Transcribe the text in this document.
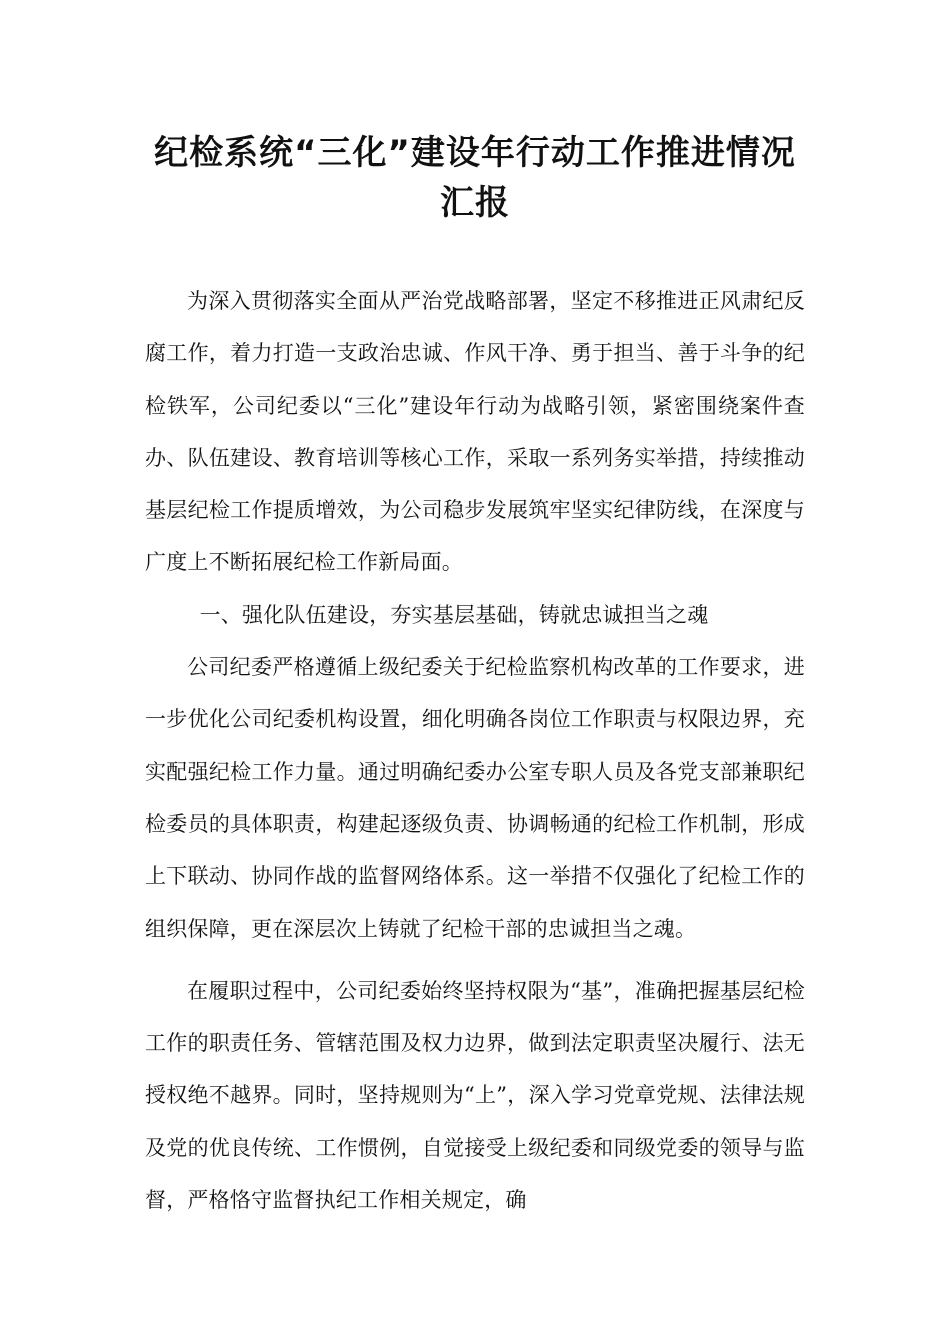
纪检系统“三化”建设年行动工作推进情况汇报

为深入贯彻落实全面从严治党战略部署，坚定不移推进正风肃纪反腐工作，着力打造一支政治忠诚、作风干净、勇于担当、善于斗争的纪检铁军，公司纪委以“三化”建设年行动为战略引领，紧密围绕案件查办、队伍建设、教育培训等核心工作，采取一系列务实举措，持续推动基层纪检工作提质增效，为公司稳步发展筑牢坚实纪律防线，在深度与广度上不断拓展纪检工作新局面。

一、强化队伍建设，夯实基层基础，铸就忠诚担当之魂

公司纪委严格遵循上级纪委关于纪检监察机构改革的工作要求，进一步优化公司纪委机构设置，细化明确各岗位工作职责与权限边界，充实配强纪检工作力量。通过明确纪委办公室专职人员及各党支部兼职纪检委员的具体职责，构建起逐级负责、协调畅通的纪检工作机制，形成上下联动、协同作战的监督网络体系。这一举措不仅强化了纪检工作的组织保障，更在深层次上铸就了纪检干部的忠诚担当之魂。

在履职过程中，公司纪委始终坚持权限为“基”，准确把握基层纪检工作的职责任务、管辖范围及权力边界，做到法定职责坚决履行、法无授权绝不越界。同时，坚持规则为“上”，深入学习党章党规、法律法规及党的优良传统、工作惯例，自觉接受上级纪委和同级党委的领导与监督，严格恪守监督执纪工作相关规定，确
